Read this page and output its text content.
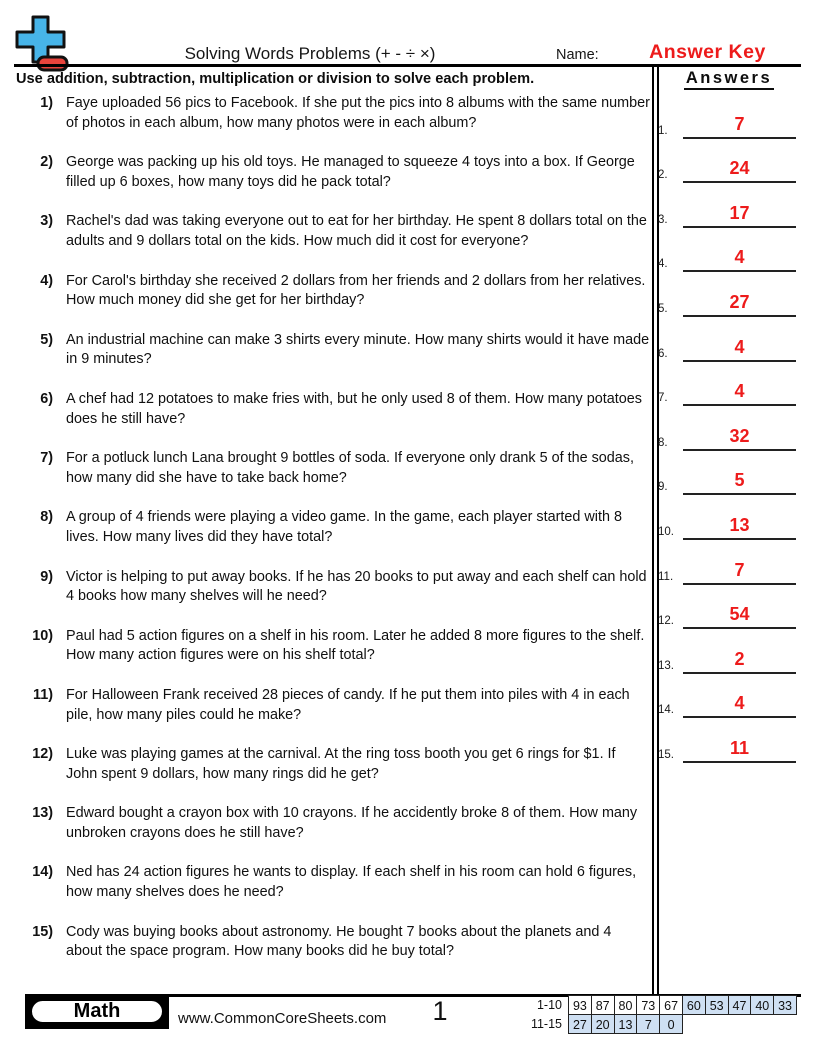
Solving Words Problems (+ - ÷ ×)	Name:	Answer Key
Use addition, subtraction, multiplication or division to solve each problem.	Answers
1) Faye uploaded 56 pics to Facebook. If she put the pics into 8 albums with the same number of photos in each album, how many photos were in each album?
2) George was packing up his old toys. He managed to squeeze 4 toys into a box. If George filled up 6 boxes, how many toys did he pack total?
3) Rachel's dad was taking everyone out to eat for her birthday. He spent 8 dollars total on the adults and 9 dollars total on the kids. How much did it cost for everyone?
4) For Carol's birthday she received 2 dollars from her friends and 2 dollars from her relatives. How much money did she get for her birthday?
5) An industrial machine can make 3 shirts every minute. How many shirts would it have made in 9 minutes?
6) A chef had 12 potatoes to make fries with, but he only used 8 of them. How many potatoes does he still have?
7) For a potluck lunch Lana brought 9 bottles of soda. If everyone only drank 5 of the sodas, how many did she have to take back home?
8) A group of 4 friends were playing a video game. In the game, each player started with 8 lives. How many lives did they have total?
9) Victor is helping to put away books. If he has 20 books to put away and each shelf can hold 4 books how many shelves will he need?
10) Paul had 5 action figures on a shelf in his room. Later he added 8 more figures to the shelf. How many action figures were on his shelf total?
11) For Halloween Frank received 28 pieces of candy. If he put them into piles with 4 in each pile, how many piles could he make?
12) Luke was playing games at the carnival. At the ring toss booth you get 6 rings for $1. If John spent 9 dollars, how many rings did he get?
13) Edward bought a crayon box with 10 crayons. If he accidently broke 8 of them. How many unbroken crayons does he still have?
14) Ned has 24 action figures he wants to display. If each shelf in his room can hold 6 figures, how many shelves does he need?
15) Cody was buying books about astronomy. He bought 7 books about the planets and 4 about the space program. How many books did he buy total?
1.	7
2.	24
3.	17
4.	4
5.	27
6.	4
7.	4
8.	32
9.	5
10.	13
11.	7
12.	54
13.	2
14.	4
15.	11
Math	www.CommonCoreSheets.com	1	1-10 93 87 80 73 67 60 53 47 40 33
11-15 27 20 13 7	0
